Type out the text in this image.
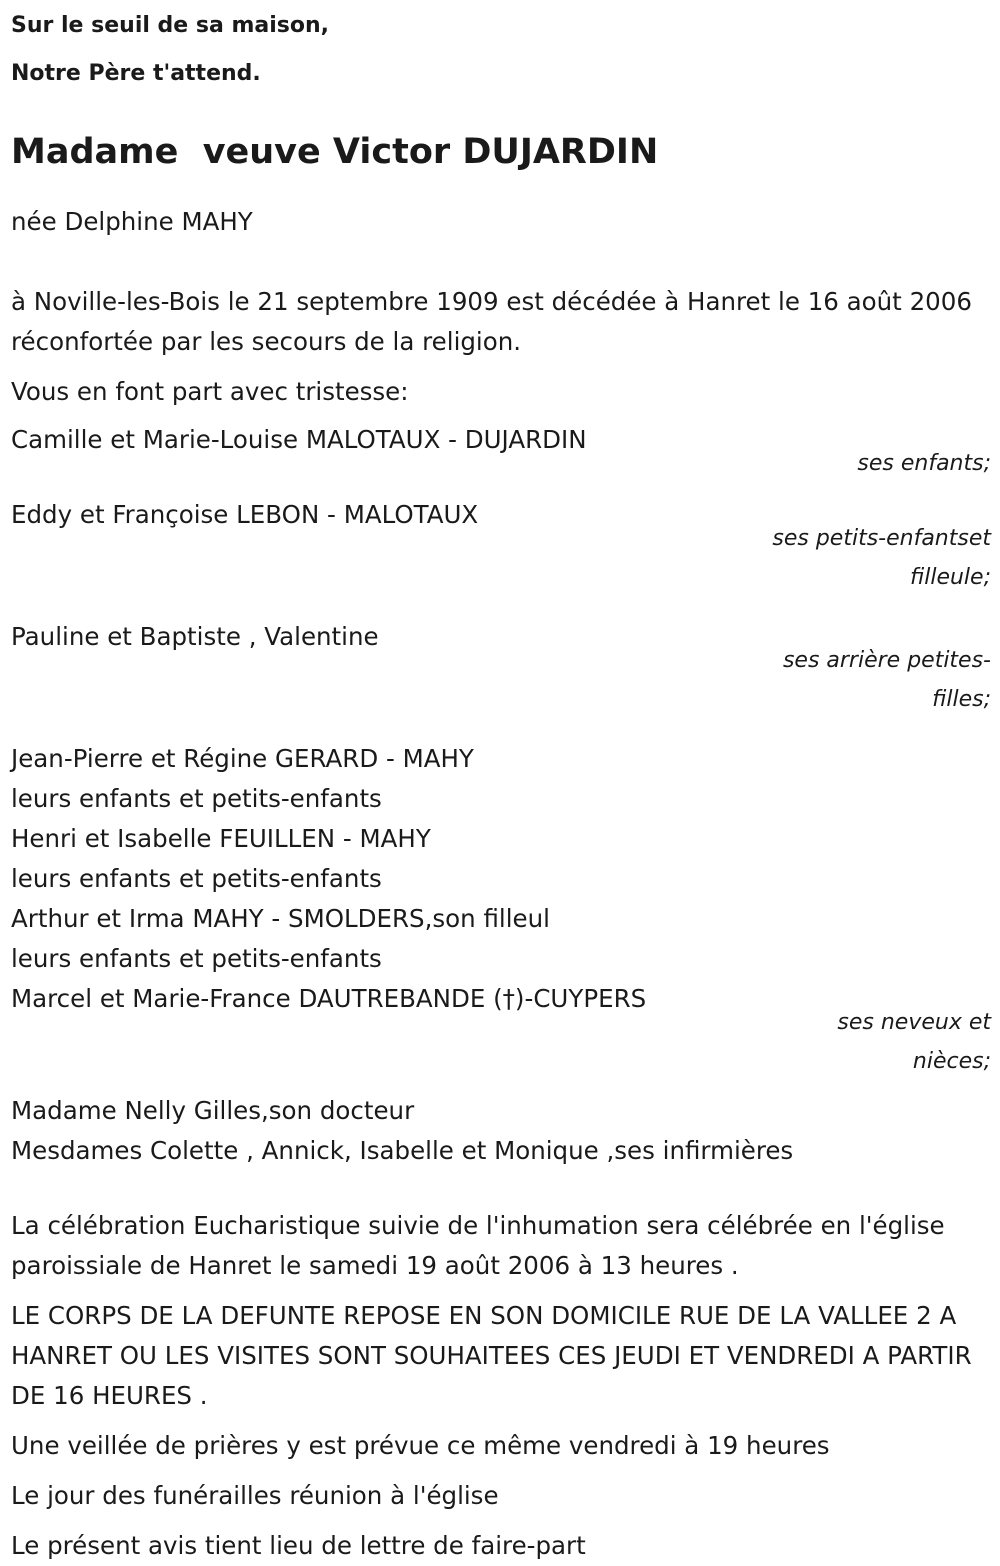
Sur le seuil de sa maison,
Notre Père t'attend.
Madame  veuve Victor DUJARDIN

née Delphine MAHY

à Noville-les-Bois le 21 septembre 1909 est décédée à Hanret le 16 août 2006 réconfortée par les secours de la religion.

Vous en font part avec tristesse:

Camille et Marie-Louise MALOTAUX - DUJARDIN

ses enfants;

Eddy et Françoise LEBON - MALOTAUX

ses petits-enfantset
filleule;

Pauline et Baptiste , Valentine

ses arrière petites-
filles;

Jean-Pierre et Régine GERARD - MAHY

leurs enfants et petits-enfants

Henri et Isabelle FEUILLEN - MAHY

leurs enfants et petits-enfants

Arthur et Irma MAHY - SMOLDERS,son filleul

leurs enfants et petits-enfants

Marcel et Marie-France DAUTREBANDE (†)-CUYPERS

ses neveux et
nièces;

Madame Nelly Gilles,son docteur

Mesdames Colette , Annick, Isabelle et Monique ,ses infirmières

La célébration Eucharistique suivie de l'inhumation sera célébrée en l'église paroissiale de Hanret le samedi 19 août 2006 à 13 heures .

LE CORPS DE LA DEFUNTE REPOSE EN SON DOMICILE RUE DE LA VALLEE 2 A HANRET OU LES VISITES SONT SOUHAITEES CES JEUDI ET VENDREDI A PARTIR DE 16 HEURES .

Une veillée de prières y est prévue ce même vendredi à 19 heures

Le jour des funérailles réunion à l'église

Le présent avis tient lieu de lettre de faire-part
